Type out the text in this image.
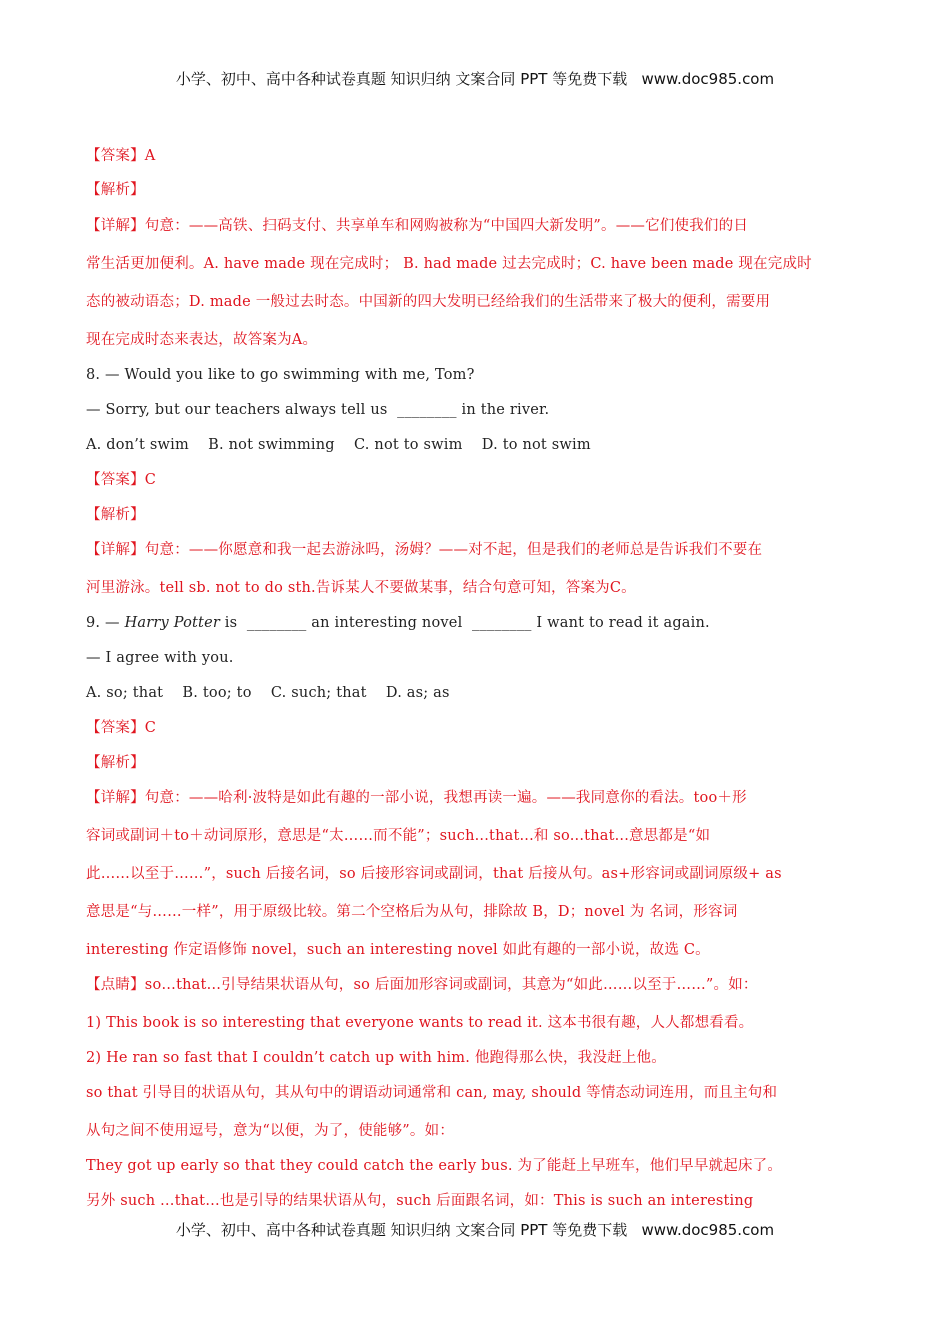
小学、初中、高中各种试卷真题 知识归纳 文案合同 PPT 等免费下载   www.doc985.com
【答案】A
【解析】
【详解】句意：——高铁、扫码支付、共享单车和网购被称为“中国四大新发明”。——它们使我们的日
常生活更加便利。A. have made 现在完成时； B. had made 过去完成时；C. have been made 现在完成时
态的被动语态；D. made 一般过去时态。中国新的四大发明已经给我们的生活带来了极大的便利，需要用
现在完成时态来表达，故答案为A。
8. — Would you like to go swimming with me, Tom?
— Sorry, but our teachers always tell us  ________ in the river.
A. don’t swim    B. not swimming    C. not to swim    D. to not swim
【答案】C
【解析】
【详解】句意：——你愿意和我一起去游泳吗，汤姆？——对不起，但是我们的老师总是告诉我们不要在
河里游泳。tell sb. not to do sth.告诉某人不要做某事，结合句意可知，答案为C。
9. — Harry Potter is  ________ an interesting novel  ________ I want to read it again.
— I agree with you.
A. so; that    B. too; to    C. such; that    D. as; as
【答案】C
【解析】
【详解】句意：——哈利·波特是如此有趣的一部小说，我想再读一遍。——我同意你的看法。too＋形
容词或副词＋to＋动词原形，意思是“太……而不能”；such...that...和 so...that...意思都是“如
此……以至于……”，such 后接名词，so 后接形容词或副词，that 后接从句。as+形容词或副词原级+ as
意思是“与……一样”，用于原级比较。第二个空格后为从句，排除故 B，D；novel 为 名词，形容词
interesting 作定语修饰 novel，such an interesting novel 如此有趣的一部小说，故选 C。
【点睛】so…that…引导结果状语从句，so 后面加形容词或副词，其意为“如此……以至于……”。如：
1) This book is so interesting that everyone wants to read it. 这本书很有趣，人人都想看看。
2) He ran so fast that I couldn’t catch up with him. 他跑得那么快，我没赶上他。
so that 引导目的状语从句，其从句中的谓语动词通常和 can, may, should 等情态动词连用，而且主句和
从句之间不使用逗号，意为“以便，为了，使能够”。如：
They got up early so that they could catch the early bus. 为了能赶上早班车，他们早早就起床了。
另外 such …that…也是引导的结果状语从句，such 后面跟名词，如：This is such an interesting
小学、初中、高中各种试卷真题 知识归纳 文案合同 PPT 等免费下载   www.doc985.com
